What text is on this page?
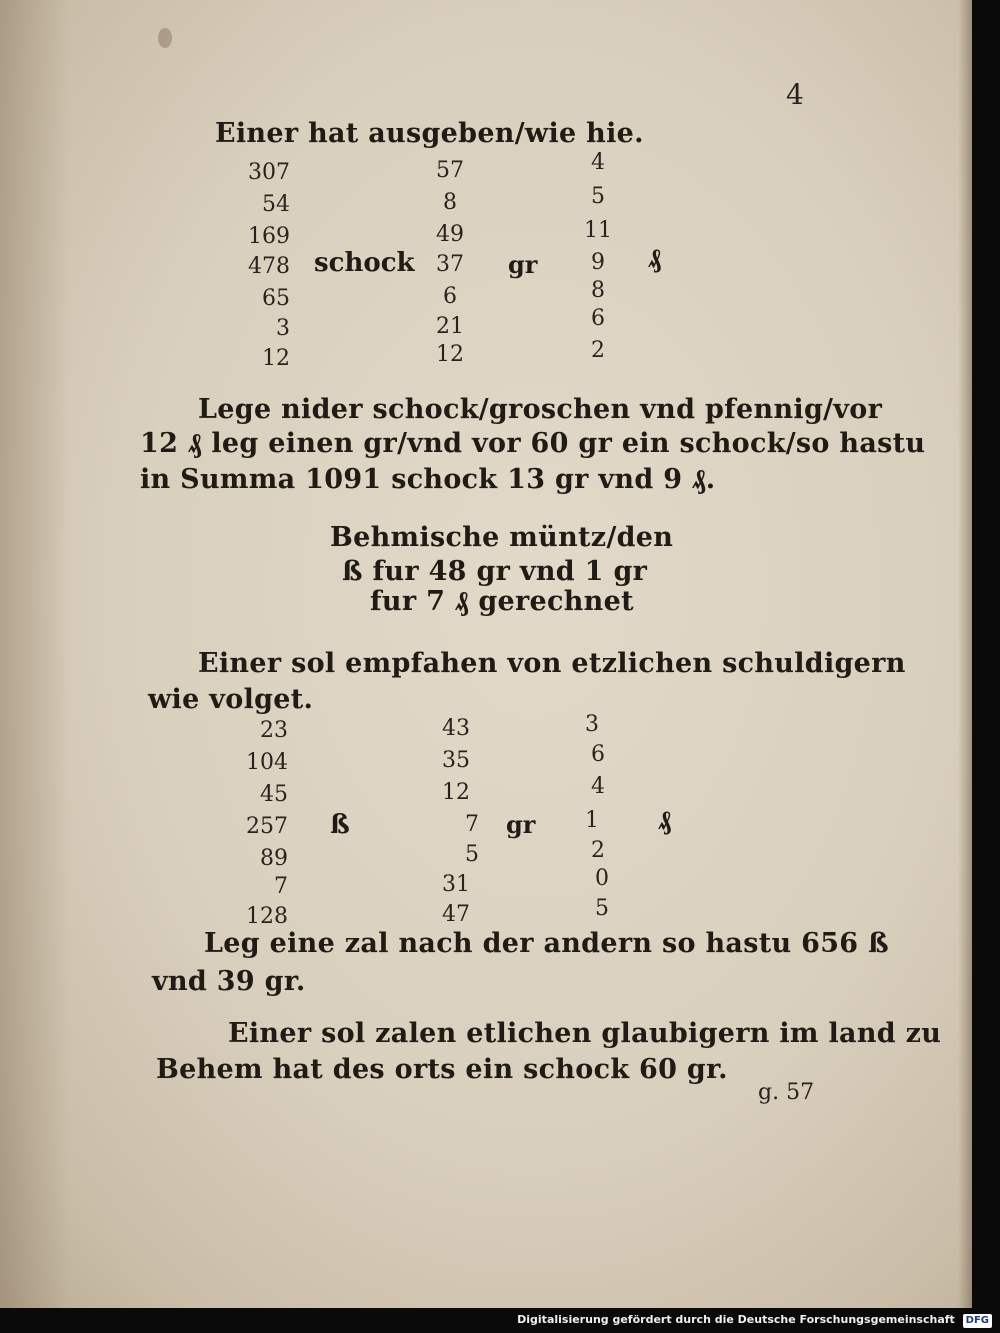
4
Einer hat ausgeben/wie hie.
307
54
169
478
65
3
12
schock
57
8
49
37
6
21
12
gr
4
5
11
9
8
6
2
₰
Lege nider schock/groschen vnd pfennig/vor
12 ₰ leg einen gr/vnd vor 60 gr ein schock/so hastu
in Summa 1091 schock 13 gr vnd 9 ₰.
Behmische müntz/den
ß fur 48 gr vnd 1 gr
fur 7 ₰ gerechnet
Einer sol empfahen von etzlichen schuldigern
wie volget.
23
104
45
257
89
7
128
ß
43
35
12
7
5
31
47
gr
3
6
4
1
2
0
5
₰
Leg eine zal nach der andern so hastu 656 ß
vnd 39 gr.
Einer sol zalen etlichen glaubigern im land zu
Behem hat des orts ein schock 60 gr.
g. 57
Digitalisierung gefördert durch die Deutsche Forschungsgemeinschaft DFG
